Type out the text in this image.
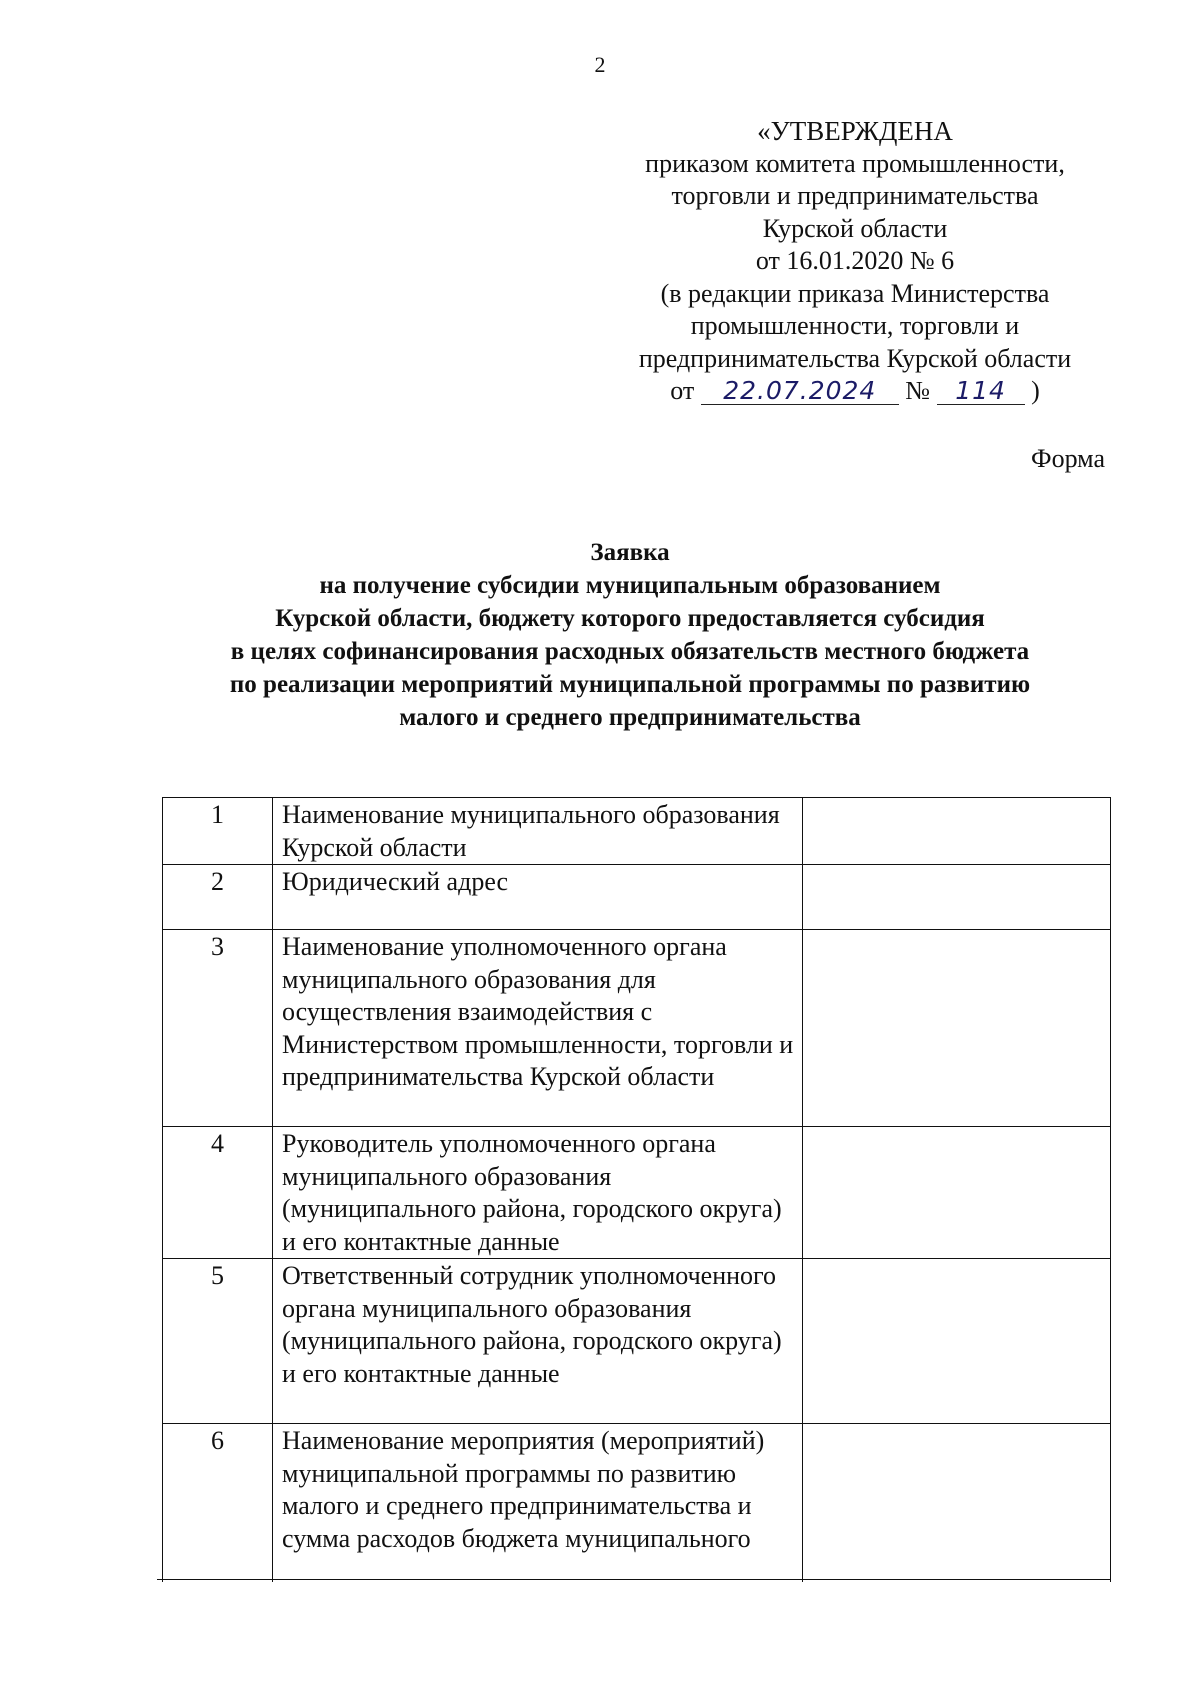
2
«УТВЕРЖДЕНА
приказом комитета промышленности,
торговли и предпринимательства
Курской области
от 16.01.2020 № 6
(в редакции приказа Министерства
промышленности, торговли и
предпринимательства Курской области
от 22.07.2024 № 114 )
Форма
Заявка
на получение субсидии муниципальным образованием
Курской области, бюджету которого предоставляется субсидия
в целях софинансирования расходных обязательств местного бюджета
по реализации мероприятий муниципальной программы по развитию
малого и среднего предпринимательства
1	Наименование муниципального образования Курской области	
2	Юридический адрес	
3	Наименование уполномоченного органа муниципального образования для осуществления взаимодействия с Министерством промышленности, торговли и предпринимательства Курской области	
4	Руководитель уполномоченного органа муниципального образования (муниципального района, городского округа) и его контактные данные	
5	Ответственный сотрудник уполномоченного органа муниципального образования (муниципального района, городского округа) и его контактные данные	
6	Наименование мероприятия (мероприятий) муниципальной программы по развитию малого и среднего предпринимательства и сумма расходов бюджета муниципального	
